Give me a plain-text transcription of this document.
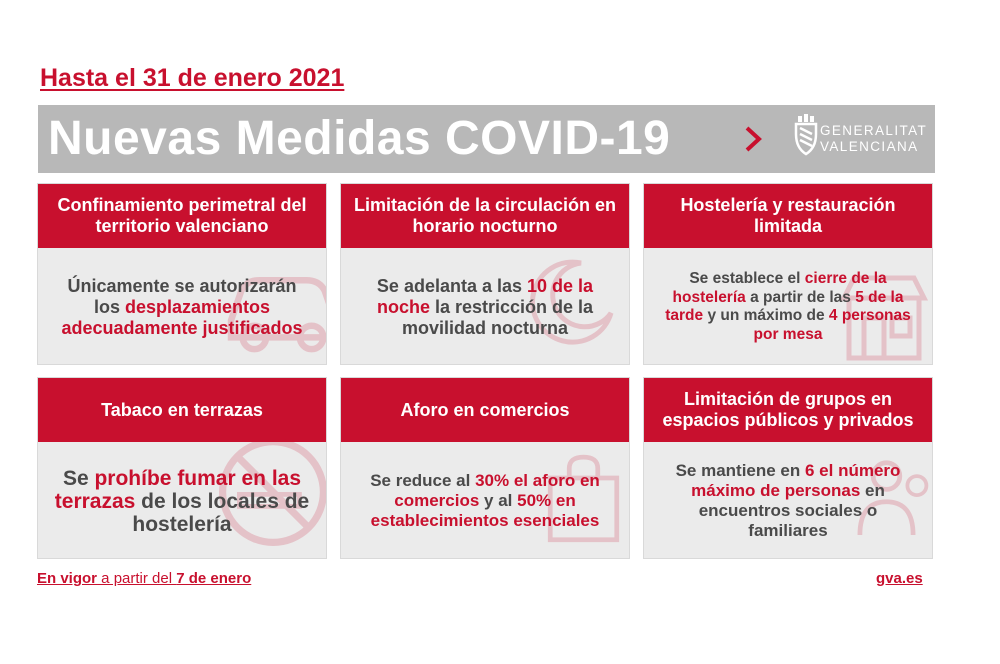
Hasta el 31 de enero 2021
Nuevas Medidas COVID-19	GENERALITAT
VALENCIANA
Confinamiento perimetral del territorio valenciano
Únicamente se autorizarán los desplazamientos adecuadamente justificados
Limitación de la circulación en horario nocturno
Se adelanta a las 10 de la noche la restricción de la movilidad nocturna
Hostelería y restauración limitada
Se establece el cierre de la hostelería a partir de las 5 de la tarde y un máximo de 4 personas por mesa
Tabaco en terrazas
Se prohíbe fumar en las terrazas de los locales de hostelería
Aforo en comercios
Se reduce al 30% el aforo en comercios y al 50% en establecimientos esenciales
Limitación de grupos en espacios públicos y privados
Se mantiene en 6 el número máximo de personas en encuentros sociales o familiares
En vigor a partir del 7 de enero	gva.es
